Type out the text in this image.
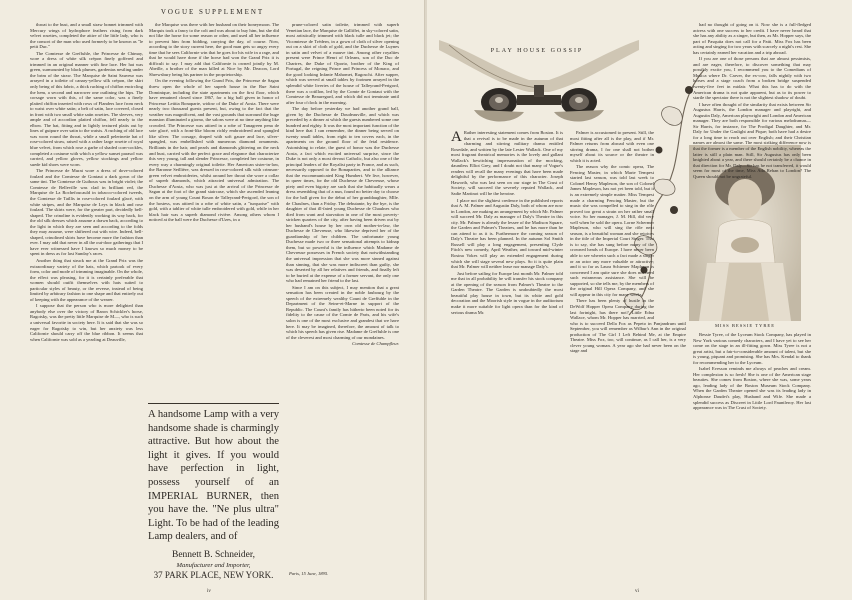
VOGUE SUPPLEMENT

throat to the bust, and a small straw bonnet trimmed with Mercury wings of hydrophore feathers rising from dark velvet rosettes, completed the attire of the little lady, who is the consort of the man who used formerly to be known as "le petit Duc."

The Comtesse de Greffuhle, the Princesse de Chimay, wore a dress of white silk crépon finely goffered and trimmed in an original manner with fine lace. Her hat was green, surmounted by black plumes, gardenias nestling under the brim of the straw. The Marquise de Saint Sauveur was arrayed in a toilette of canary-yellow silk crépon, the skirt only being of this fabric, a thick ruching of chiffon encircling the hem, a second and narrower one outlining the hips. The corsage worn with this, of the same color, was a finely plaited chiffon inserted with rows of Flanders lace from neck to waist over white satin; a belt of satin, lace covered, closed in front with two small white satin rosettes. The sleeves, very ample and of accordion plaited chiffon, fell nearly to the elbow. The hat, fitting and in lightly textured plaits out by lines of guipure over satin to the waists. A ruching of old lace was worn round the throat, while a small pelerinette hat of rose-colored straw, raised with a rather large rosette of royal blue velvet, from which rose a garbe of shaded corn-cockles, completed a costume with which a yellow sunset parasol was carried, and yellow gloves, yellow stockings and yellow suede kid shoes were worn.

The Princesse de Murat wore a dress of dove-colored foulard and the Comtesse de Gontaut a dark gown of the same tint. The Comtesse de Guiboux was in bright violet; the Comtesse de Belleville was clad in brilliant red, the Marquise de La Rochefoucauld in tobacco-colored tweeds, the Comtesse de Taillis in rose-colored foulard glacé, with white stripes, and the Marquise de Leys in black and rose foulard. The skirts were, for the greater part, decidedly bell-shaped. The crinoline is evidently working its way back, for the old silk dresses which assume a drawn back, according to the light in which they are seen and according to the folds they may assume, were shiftered out with wire. Indeed, bell-shaped, crinolined skirts have become more the fashion than ever. I may add that never in all the out-door gatherings that I have ever witnessed have I known so much money to be spent in dress as for last Sunday's races.

Another thing that struck me at the Grand Prix was the extraordinary variety of the hats, which partook of every form, color and mode of trimming imaginable. On the whole, the effect was pleasing, for it is certainly preferable that women should outfit themselves with hats suited to particular styles of beauty, or the reverse, instead of being limited by arbitrary fashion to one shape and that entirely out of keeping with the appearance of the wearer.

I suppose that the person who is more delighted than anybody else over the victory of Baron Schickler's horse, Ragotsky, was the pretty little Marquise de M—, who is such a universal favorite in society here. It is said that she was so eager for Ragotsky to win, but her anxiety was less Californie should carry off the blue ribbon. It seems that when Californie was sold as a yearling at Deauville,

the Marquise was there with her husband on their honeymoon. The Marquis took a fancy to the colt and was about to buy him, but she did not like the horse for some reason or other, and used all her influence to prevent him from bidding, carrying the day, of course. Now, according to the story current here, the good man gets so angry every time that he sees Californie win that he goes for his wife in a rage, and that he would have done if the horse had won the Grand Prix it is difficult to say. I may add that Californie is owned jointly by M. Abeille, a brother of the man killed at Nice by Mr. Deacon, Lord Shrewsbury being his partner in the proprietorship.

On the evening following the Grand Prix, the Princesse de Sagan threw open the whole of her superb house in the Rue Saint Dominique, including the state apartments on the first floor, which have remained closed since 1867, for a big ball given in honor of Princesse Letitia Bonaparte, widow of the Duke of Aosta. There were nearly two thousand guests present, but, owing to the fact that the weather was magnificent, and the vast grounds that surround the huge mansion illuminated a giorno, the salons were at no time anything like crowded. The Princesse was attired in a robe of Tanagreen pena de soie glacé, with a front-like bloom richly embroidered and spangled like silver. The corsage, draped with soft gauze and lace, silver-spangled, was embellished with numerous diamond ornaments. Brilliants in the hair, and pearls and diamonds glittering on the neck and bust, carried with the perfect grace and elegance that characterize this very young, tall and slender Princesse, completed her costume, in every way a charmingly original toilette. Her American sister-in-law, the Baronne Seillière, was dressed in rose-colored silk with crimson-green velvet embroideries, whilst around her throat she wore a collar of superb diamonds, which attracted universal admiration. The Duchesse d'Aosta, who was just at the arrival of the Princesse de Sagan at the foot of the grand staircase, which she ascended leaning on the arm of young Count Boson de Talleyrand-Perigord, the son of the hostess, was attired in a robe of white satin, a "turquoise" with gold, with a tablier of white tulle embroidered with gold, while in her black hair was a superb diamond rivière. Among others whom I noticed at the ball were the Duchesse d'Uzes, in a

prune-colored satin toilette, trimmed with superb Venetian lace, the Marquise de Galliffet, in sky-colored satin, most artistically trimmed with black tulle and black jet; the Vicomtesse de Trédern, in a gown of cloth of silver opening out on a skirt of cloth of gold, and the Duchesse de Luynes in satin and velvet of a mauve tint. Among other royalties present were Prince Henri of Orleans, son of the Duc de Chartres, the Duke of Oporto, brother of the King of Portugal, the reigning Prince and Princess of Monaco, and the good looking Infante Mahomet, Ragoschi. After supper, which was served at small tables by footmen arrayed in the splendid white liveries of the house of Talleyrand-Perigord, there was a cotillon, led by the Comte de Gontaut with the Comtesse de Beauregard, and which did not terminate until after four o'clock in the morning.

The day before yesterday we had another grand ball, given by the Duchesse de Doudeauville, and which was preceded by a dinner at which the guests numbered some one hundred and eighty. It was the most important function of the kind here that I can remember, the dinner being served on twenty small tables, from eight to ten covers each, in the apartments on the ground floor of the fetal residence. Astonishing to relate, the guest of honor was the Duchesse Aosta, a fact which excited universal surprise, since the Duke is not only a most devout Catholic, but also one of the principal leaders of the Royalist party in France, and as such, necessarily opposed to the Bonaparties, and to the alliance that the excommunicated King Humbert. We live, however, in queer times, for the old Duchesse de Chevreuse, whose piety and even bigotry are such that she habitually wears a dress resembling that of a nun, found no better day to choose for the ball given for the debut of her granddaughter, Mlle. de Chaulnes, than a Friday. The debutante, by the bye, is the daughter of that ill-fated young Duchesse de Chaulnes who died from want and starvation in one of the most poverty-stricken quarters of the city, after having been driven out by her husband's house by her own old mother-in-law, the Duchesse de Chevreuse, who likewise deprived her of the guardianship of her children. The unfortunate young Duchesse made two or three sensational attempts to kidnap them, but so powerful is the influence which Madame de Chevreuse possesses in French society that notwithstanding the universal impression that she was more sinned against than sinning, that she was more indiscreet than guilty, she was deserted by all her relatives and friends, and finally left to be buried at the expense of a former servant, the only one who had remained her friend to the last.

Since I am on this subject, I may mention that a great sensation has been created in the noble faubourg by the speech of the extremely wealthy Count de Greffuhle in the Department of the Seine-et-Marne in support of the Republic. The Count's family has hitherto been noted for its fidelity to the cause of the Comte de Paris, and his wife's salon is one of the most exclusive and grandest that we have here. It may be imagined, therefore, the amount of talk to which his speech has given rise. Madame de Greffuhle is one of the cleverest and most charming of our mondaines.

Comtesse de Champfleur.

Paris, 15 June, 1895.
A handsome Lamp with a very handsome shade is charmingly attractive. But how about the light it gives. If you would have perfection in light, possess yourself of an IMPERIAL BURNER, then you have the. "Ne plus ultra" Light. To be had of the leading Lamp dealers, and of
Bennett B. Schneider,
Manufacturer and Importer,
37 PARK PLACE, NEW YORK.
iv
MISS BESSIE TYREE
PLAY HOUSE GOSSIP

A Rather interesting statement comes from Boston. It is that a revival is to be made in the autumn of that charming and stirring military drama entitled Rosedale, and written by the late Lester Wallack. One of my most fragrant theatrical memories is the lovely and gallant Wallack's bewitching impersonation of the mocking, dauntless Elliot Grey, and I doubt not that many of Vogue's readers will recall the many evenings that have been made delightful by the performance of this character. Joseph Haworth, who was last seen on our stage in The Crust of Society, will succeed the severely reputed Wallack, and Sadie Martinot will be the heroine.

I place not the slightest credence in the published reports that A. M. Palmer and Augustin Daly, both of whom are now in London, are making an arrangement by which Mr. Palmer will succeed Mr. Daly as manager of Daly's Theatre in this city. Mr. Palmer is already the lessee of the Madison Square, the Garden and Palmer's Theatres, and he has more than he can attend to as it is. Furthermore the coming season of Daly's Theatre has been planned. In the autumn Sol Smith Russell will play a long engagement, presenting Clyde Fitch's new comedy, April Weather, and toward mid-winter Rosina Vokes will play an extended engagement during which she will stage several new plays. So it is quite plain that Mr. Palmer will neither lease nor manage Daly's.

Just before sailing for Europe last month Mr. Palmer told me that in all probability he will transfer his stock company at the opening of the season from Palmer's Theatre to the Garden Theatre. The Garden is undoubtedly the most beautiful play house in town, but its white and gold decoration and the Moorish style in vogue in the auditorium make it more suitable for light opera than for the kind of serious drama Mr.

Palmer is accustomed to present. Still, the most fitting after all is the play, and if Mr. Palmer returns from abroad with even one stirring drama, I for one shall not bother myself about its source or the theatre in which it is acted.

The reason why the comic opera, The Fencing Master, in which Marie Tempest started last season, was told last week to Colonel Henry Mapleson, the son of Colonel James Mapleson, has not yet been told, but it is an extremely simple matter. Miss Tempest made a charming Fencing Master, but the music she was compelled to sing in the rôle proved too great a strain on her rather small voice. So her manager, J. M. Hill, did very well when he sold the opera. Lorne Schermer Mapleson, who will sing the rôle next season, is a beautiful woman and she rejoices in the title of the Imperial Court Singer. That is to say, she has sung before many of the crowned heads of Europe. I have never been able to see wherein such a fact made a singer or an actor any more valuable or attractive; and it so far as Laura Schirmer Mapleson is concerned I am quite sure she does not need such extraneous assistance. She will be supported, so she tells me, by the members of the original Hill Opera Company, and she will appear in this city for many weeks.

There has been plenty of hustle in the DeWolf Hopper Opera Company during the last fortnight, has there not? Little Edna Wallace, whom Mr. Hopper has married, and who is to succeed Della Fox as Pepeto in Panjandrum until September, you will remember as Wilbur's Ann in the original production of The Girl I Left Behind Me, at the Empire Theatre. Miss Fox, too, will continue, as I call her, is a very clever young woman. A year ago she had never been on the stage and

had no thought of going on it. Now she is a full-fledged actress with one success to her credit. I have never heard that she has any ability as a singer, but then, as Mr. Hopper says, the part of Pasquita does not call for a Patti. Miss Fox has been acting and singing for two years with scarcely a night's rest. She has certainly earned her vacation and a trip abroad.

If you are one of those persons that are almost pessimists, and are eager, therefore, to discover something that may possibly excite you, I recommend you to the Comedians of Musica where Dr. Carver, the ex-cow, falls nightly with two horses and a stage coach from a broken bridge suspended twenty-five feet in midair. What this has to do with the American drama is not quite apparent, but as to its power to startle the spectator there is not the slightest shadow of doubt.

I have often thought of the similarity that exists between Sir Augustus Harris, the London manager and playright, and Augustin Daly, American playwright and London and American manager. They are both responsible for various melodramas—Sir Harris, for instance, for The Prodigal Daughter, and Mr. Daly for Under the Gaslight and Pique; both have had a desire for a long time to reach out over English; and their Christian names are almost the same. The most striking difference now is that the former is a member of the English nobility, whereas the latter is still a plain man. Still, Sir Augustus has only been knighted about a year, and there should certainly be a chance in that direction for Mr. Daly—Sir has he not transferred, it would seem for most of the time, Miss Ada Rehan to London? The Queen should not be ungrateful.

Bessie Tyree, of the Lyceum Stock Company, has played in New York various comedy characters, and I have yet to see her come on the stage in an ill-fitting gown. Miss Tyree is not a great artist, but a fair-to-considerable amount of talent, but she is young, piquant and promising. She has Mrs. Kendal to thank for recommending her to the Lyceum.

Isabel Evesson reminds me always of peaches and cream. Her complexion is so fresh! She is one of the American stage beauties. She comes from Boston, where she was, some years ago, leading lady of the Boston Museum Stock Company. When the Garden Theatre opened she was its leading lady in Alphonse Daudet's play, Husband and Wife. She made a splendid success as Discreet in Little Lord Fauntleroy. Her last appearance was in The Crust of Society.

vi
